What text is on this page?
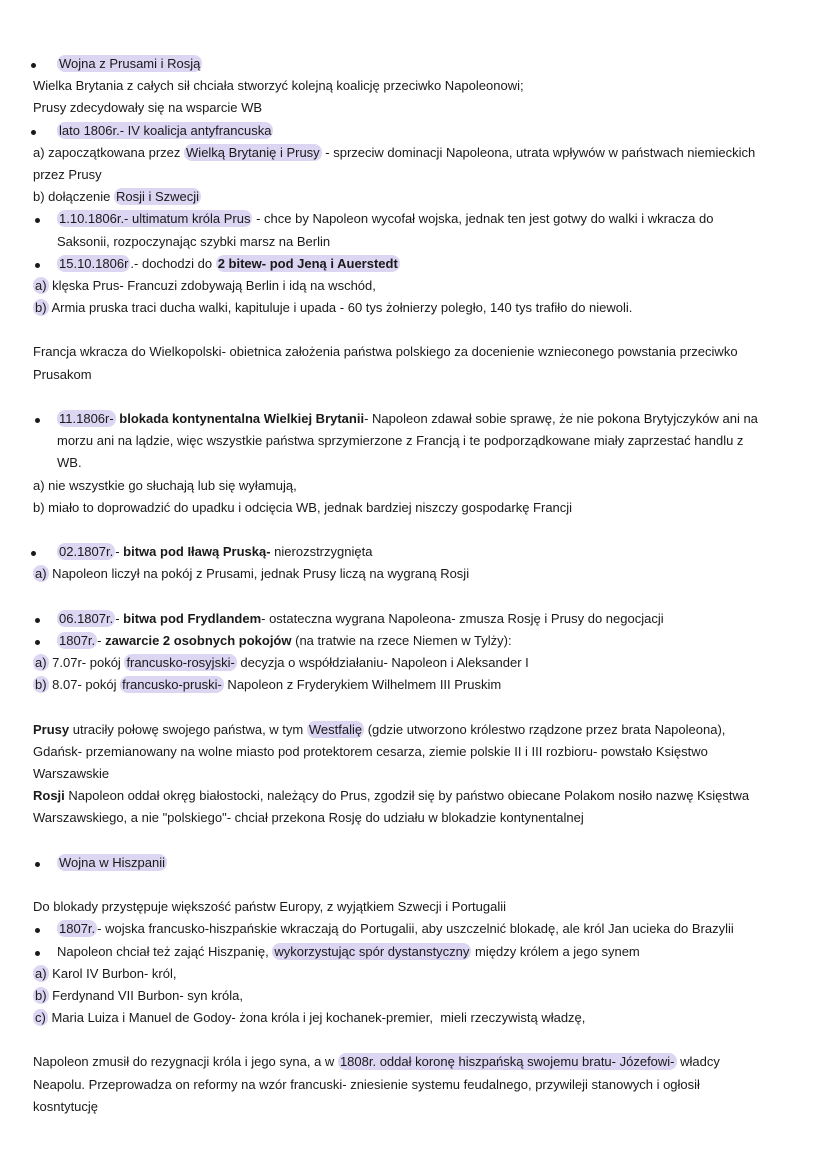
Wojna z Prusami i Rosją
Wielka Brytania z całych sił chciała stworzyć kolejną koalicję przeciwko Napoleonowi;
Prusy zdecydowały się na wsparcie WB
lato 1806r.- IV koalicja antyfrancuska
a) zapoczątkowana przez Wielką Brytanię i Prusy - sprzeciw dominacji Napoleona, utrata wpływów w państwach niemieckich
przez Prusy
b) dołączenie Rosji i Szwecji
1.10.1806r.- ultimatum króla Prus - chce by Napoleon wycofał wojska, jednak ten jest gotwy do walki i wkracza do
Saksonii, rozpoczynając szybki marsz na Berlin
15.10.1806r .- dochodzi do 2 bitew- pod Jeną i Auerstedt
a) klęska Prus- Francuzi zdobywają Berlin i idą na wschód,
b) Armia pruska traci ducha walki, kapituluje i upada - 60 tys żołnierzy poległo, 140 tys trafiło do niewoli.
Francja wkracza do Wielkopolski- obietnica założenia państwa polskiego za docenienie wznieconego powstania przeciwko
Prusakom
11.1806r- blokada kontynentalna Wielkiej Brytanii- Napoleon zdawał sobie sprawę, że nie pokona Brytyjczyków ani na
morzu ani na lądzie, więc wszystkie państwa sprzymierzone z Francją i te podporządkowane miały zaprzestać handlu z
WB.
a) nie wszystkie go słuchają lub się wyłamują,
b) miało to doprowadzić do upadku i odcięcia WB, jednak bardziej niszczy gospodarkę Francji
02.1807r. - bitwa pod Iławą Pruską- nierozstrzygnięta
a) Napoleon liczył na pokój z Prusami, jednak Prusy liczą na wygraną Rosji
06.1807r. - bitwa pod Frydlandem- ostateczna wygrana Napoleona- zmusza Rosję i Prusy do negocjacji
1807r. - zawarcie 2 osobnych pokojów (na tratwie na rzece Niemen w Tylży):
a) 7.07r- pokój francusko-rosyjski- decyzja o współdziałaniu- Napoleon i Aleksander I
b) 8.07- pokój francusko-pruski- Napoleon z Fryderykiem Wilhelmem III Pruskim
Prusy utraciły połowę swojego państwa, w tym Westfalię (gdzie utworzono królestwo rządzone przez brata Napoleona),
Gdańsk- przemianowany na wolne miasto pod protektorem cesarza, ziemie polskie II i III rozbioru- powstało Księstwo
Warszawskie
Rosji Napoleon oddał okręg białostocki, należący do Prus, zgodził się by państwo obiecane Polakom nosiło nazwę Księstwa
Warszawskiego, a nie "polskiego"- chciał przekona Rosję do udziału w blokadzie kontynentalnej
Wojna w Hiszpanii
Do blokady przystępuje większość państw Europy, z wyjątkiem Szwecji i Portugalii
1807r. - wojska francusko-hiszpańskie wkraczają do Portugalii, aby uszczelnić blokadę, ale król Jan ucieka do Brazylii
Napoleon chciał też zająć Hiszpanię, wykorzystując spór dystanstyczny między królem a jego synem
a) Karol IV Burbon- król,
b) Ferdynand VII Burbon- syn króla,
c) Maria Luiza i Manuel de Godoy- żona króla i jej kochanek-premier,  mieli rzeczywistą władzę,
Napoleon zmusił do rezygnacji króla i jego syna, a w 1808r. oddał koronę hiszpańską swojemu bratu- Józefowi- władcy
Neapolu. Przeprowadza on reformy na wzór francuski- zniesienie systemu feudalnego, przywileji stanowych i ogłosił
kosntytucję
